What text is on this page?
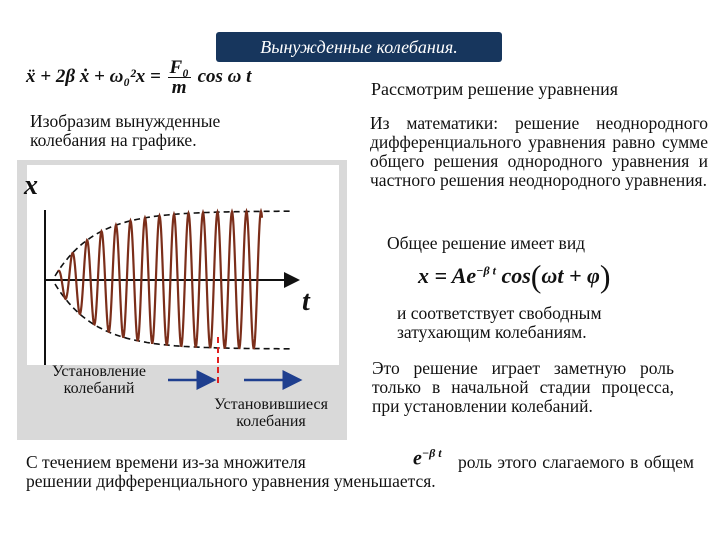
Вынужденные колебания.
ẍ + 2β ẋ + $\omega_0^2x = \frac{\text{F₀}}{m}$ cos ω t
Рассмотрим решение уравнения
Изобразим вынужденные колебания на графике.
Из математики: решение неоднородного дифференциального уравнения равно сумме общего решения однородного уравнения и частного решения неоднородного уравнения.
Общее решение имеет вид
$x = Ae^{-\beta t}$ cos(ωt + φ)
и соответствует свободным затухающим колебаниям.
Это решение играет заметную роль только в начальной стадии процесса, при установлении колебаний.
x
t
Установление колебаний
Установившиеся колебания
С течением времени из-за множителя	$e^{-\beta t}$ роль этого слагаемого в общем решении дифференциального уравнения уменьшается.
